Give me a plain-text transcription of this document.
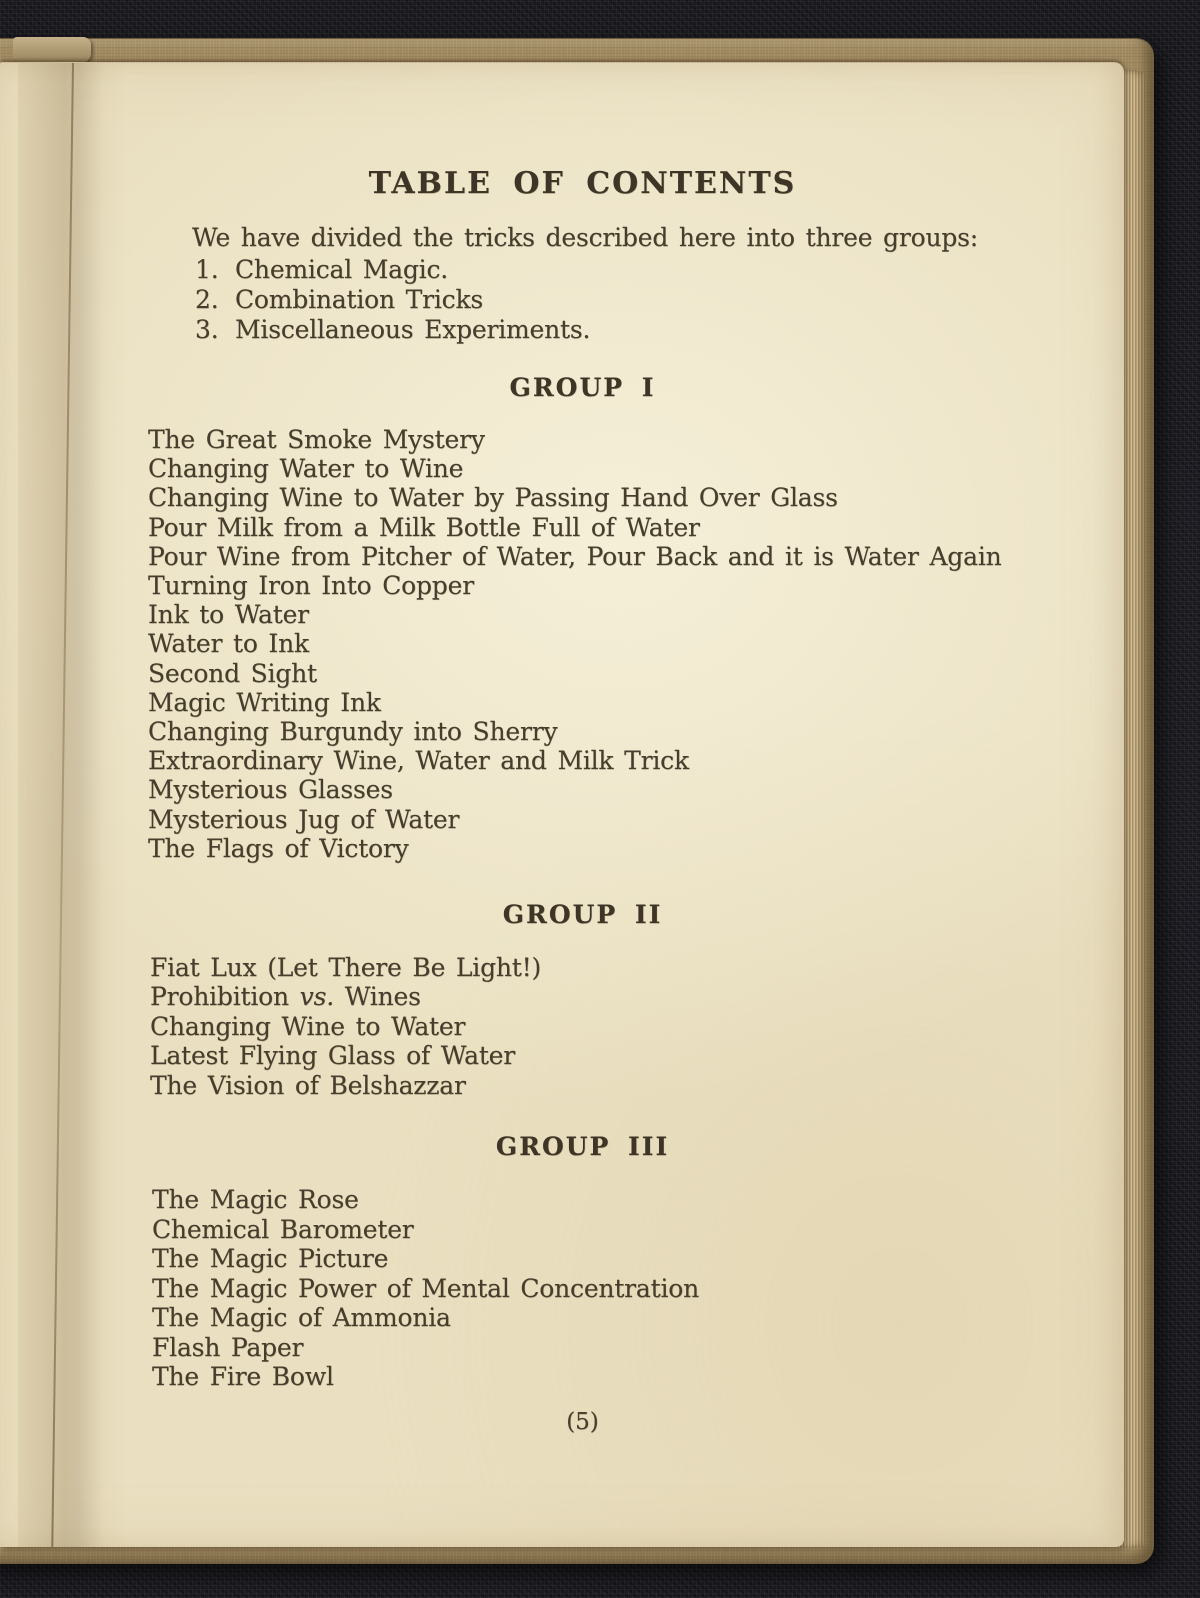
TABLE OF CONTENTS
We have divided the tricks described here into three groups:
1. Chemical Magic.
2. Combination Tricks
3. Miscellaneous Experiments.
GROUP I
The Great Smoke Mystery
Changing Water to Wine
Changing Wine to Water by Passing Hand Over Glass
Pour Milk from a Milk Bottle Full of Water
Pour Wine from Pitcher of Water, Pour Back and it is Water Again
Turning Iron Into Copper
Ink to Water
Water to Ink
Second Sight
Magic Writing Ink
Changing Burgundy into Sherry
Extraordinary Wine, Water and Milk Trick
Mysterious Glasses
Mysterious Jug of Water
The Flags of Victory
GROUP II
Fiat Lux (Let There Be Light!)
Prohibition vs. Wines
Changing Wine to Water
Latest Flying Glass of Water
The Vision of Belshazzar
GROUP III
The Magic Rose
Chemical Barometer
The Magic Picture
The Magic Power of Mental Concentration
The Magic of Ammonia
Flash Paper
The Fire Bowl
(5)
